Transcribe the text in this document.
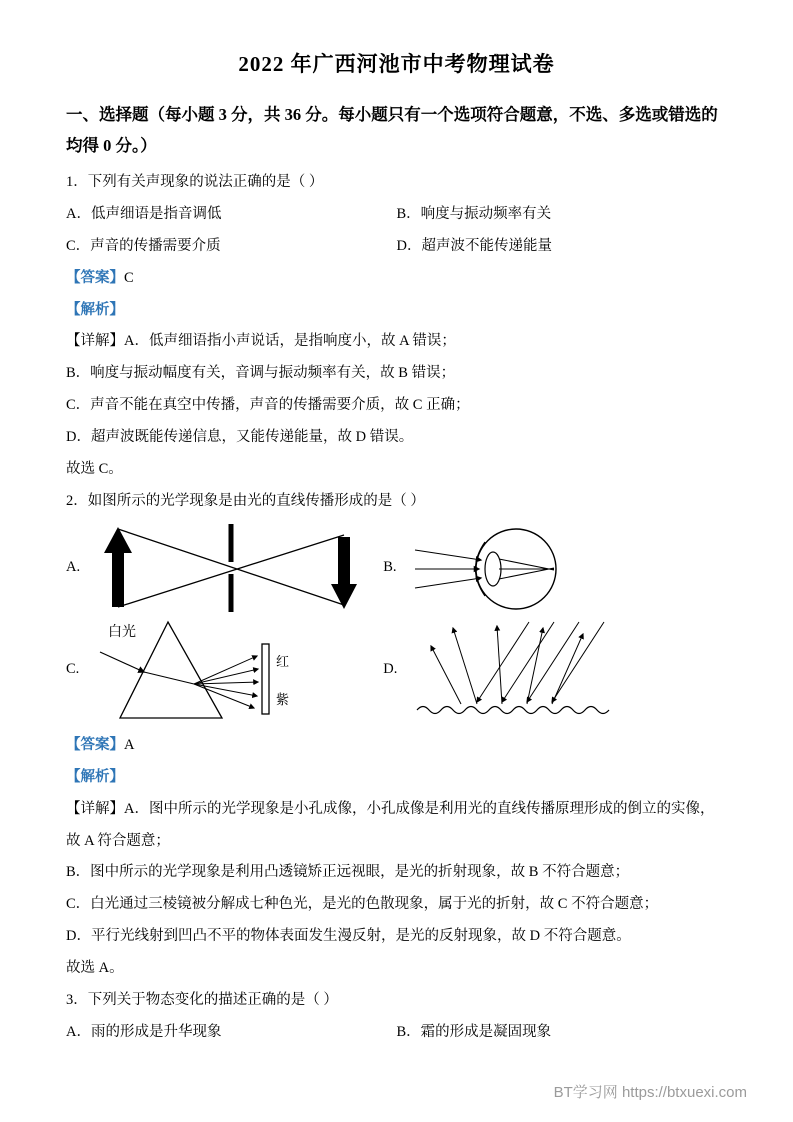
2022 年广西河池市中考物理试卷

一、选择题（每小题 3 分，共 36 分。每小题只有一个选项符合题意，不选、多选或错选的均得 0 分。）

1．下列有关声现象的说法正确的是（ ）

A．低声细语是指音调低	B．响度与振动频率有关
C．声音的传播需要介质	D．超声波不能传递能量

【答案】C

【解析】

【详解】A．低声细语指小声说话，是指响度小，故 A 错误；

B．响度与振动幅度有关，音调与振动频率有关，故 B 错误；

C．声音不能在真空中传播，声音的传播需要介质，故 C 正确；

D．超声波既能传递信息，又能传递能量，故 D 错误。

故选 C。

2．如图所示的光学现象是由光的直线传播形成的是（ ）

A.	B.
C.
白光
红
紫
D.

【答案】A

【解析】

【详解】A．图中所示的光学现象是小孔成像，小孔成像是利用光的直线传播原理形成的倒立的实像，故 A 符合题意；

B．图中所示的光学现象是利用凸透镜矫正远视眼，是光的折射现象，故 B 不符合题意；

C．白光通过三棱镜被分解成七种色光，是光的色散现象，属于光的折射，故 C 不符合题意；

D．平行光线射到凹凸不平的物体表面发生漫反射，是光的反射现象，故 D 不符合题意。

故选 A。

3．下列关于物态变化的描述正确的是（ ）

A．雨的形成是升华现象	B．霜的形成是凝固现象
BT学习网 https://btxuexi.com
